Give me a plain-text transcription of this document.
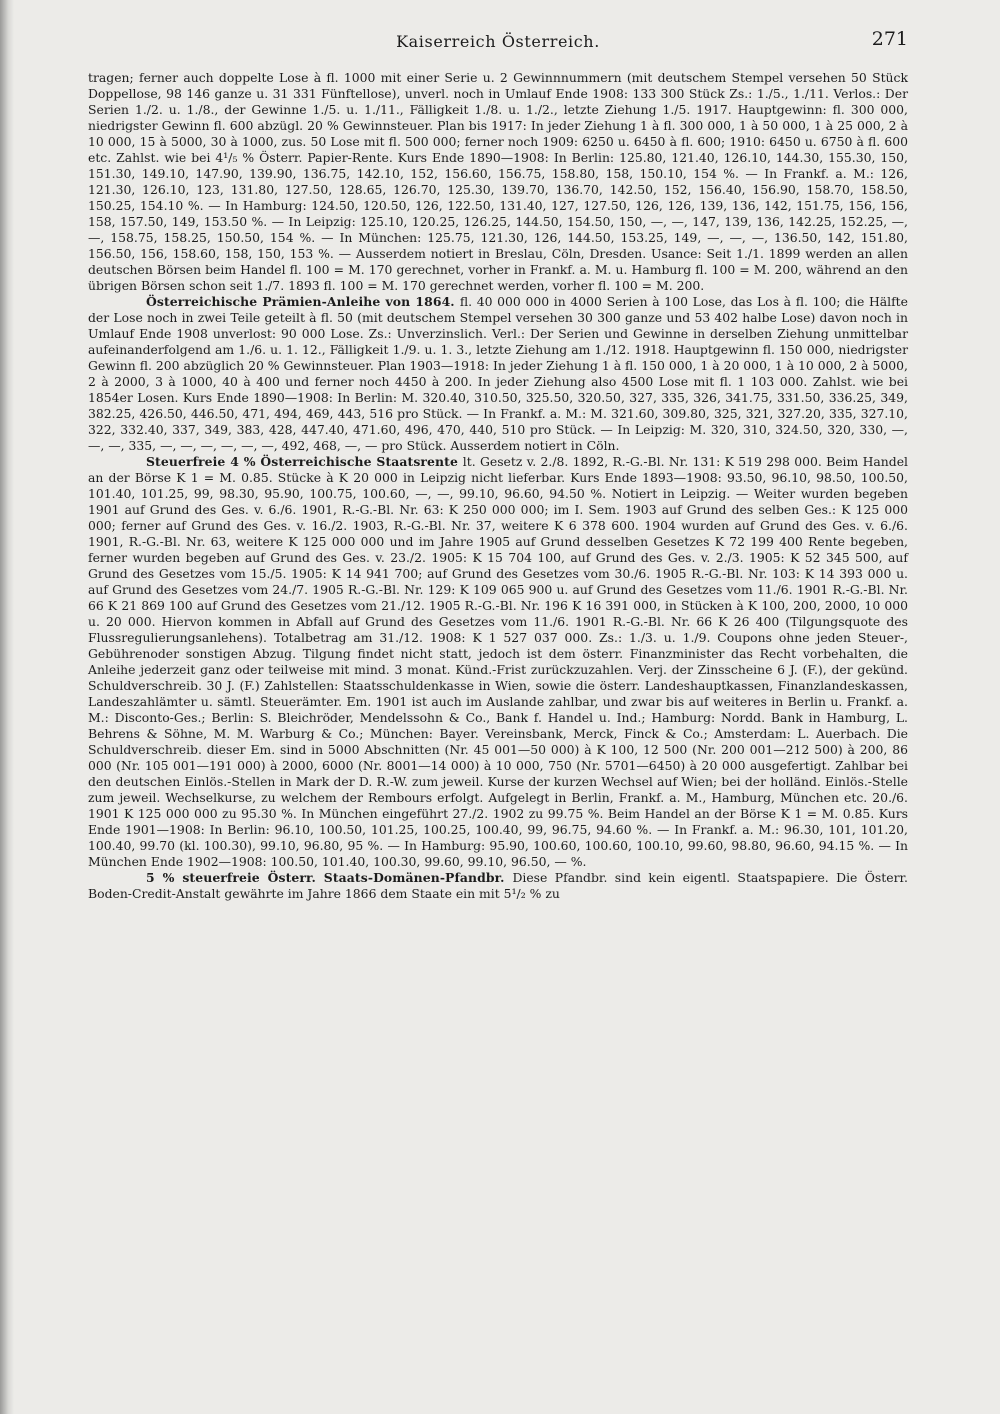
Kaiserreich Österreich.	271

tragen; ferner auch doppelte Lose à fl. 1000 mit einer Serie u. 2 Gewinnnummern (mit deutschem Stempel versehen 50 Stück Doppellose, 98 146 ganze u. 31 331 Fünftellose), unverl. noch in Umlauf Ende 1908: 133 300 Stück Zs.: 1./5., 1./11. Verlos.: Der Serien 1./2. u. 1./8., der Gewinne 1./5. u. 1./11., Fälligkeit 1./8. u. 1./2., letzte Ziehung 1./5. 1917. Hauptgewinn: fl. 300 000, niedrigster Gewinn fl. 600 abzügl. 20 % Gewinnsteuer. Plan bis 1917: In jeder Ziehung 1 à fl. 300 000, 1 à 50 000, 1 à 25 000, 2 à 10 000, 15 à 5000, 30 à 1000, zus. 50 Lose mit fl. 500 000; ferner noch 1909: 6250 u. 6450 à fl. 600; 1910: 6450 u. 6750 à fl. 600 etc. Zahlst. wie bei 4¹/₅ % Österr. Papier-Rente. Kurs Ende 1890—1908: In Berlin: 125.80, 121.40, 126.10, 144.30, 155.30, 150, 151.30, 149.10, 147.90, 139.90, 136.75, 142.10, 152, 156.60, 156.75, 158.80, 158, 150.10, 154 %. — In Frankf. a. M.: 126, 121.30, 126.10, 123, 131.80, 127.50, 128.65, 126.70, 125.30, 139.70, 136.70, 142.50, 152, 156.40, 156.90, 158.70, 158.50, 150.25, 154.10 %. — In Hamburg: 124.50, 120.50, 126, 122.50, 131.40, 127, 127.50, 126, 126, 139, 136, 142, 151.75, 156, 156, 158, 157.50, 149, 153.50 %. — In Leipzig: 125.10, 120.25, 126.25, 144.50, 154.50, 150, —, —, 147, 139, 136, 142.25, 152.25, —, —, 158.75, 158.25, 150.50, 154 %. — In München: 125.75, 121.30, 126, 144.50, 153.25, 149, —, —, —, 136.50, 142, 151.80, 156.50, 156, 158.60, 158, 150, 153 %. — Ausserdem notiert in Breslau, Cöln, Dresden. Usance: Seit 1./1. 1899 werden an allen deutschen Börsen beim Handel fl. 100 = M. 170 gerechnet, vorher in Frankf. a. M. u. Hamburg fl. 100 = M. 200, während an den übrigen Börsen schon seit 1./7. 1893 fl. 100 = M. 170 gerechnet werden, vorher fl. 100 = M. 200.

Österreichische Prämien-Anleihe von 1864. fl. 40 000 000 in 4000 Serien à 100 Lose, das Los à fl. 100; die Hälfte der Lose noch in zwei Teile geteilt à fl. 50 (mit deutschem Stempel versehen 30 300 ganze und 53 402 halbe Lose) davon noch in Umlauf Ende 1908 unverlost: 90 000 Lose. Zs.: Unverzinslich. Verl.: Der Serien und Gewinne in derselben Ziehung unmittelbar aufeinanderfolgend am 1./6. u. 1. 12., Fälligkeit 1./9. u. 1. 3., letzte Ziehung am 1./12. 1918. Hauptgewinn fl. 150 000, niedrigster Gewinn fl. 200 abzüglich 20 % Gewinnsteuer. Plan 1903—1918: In jeder Ziehung 1 à fl. 150 000, 1 à 20 000, 1 à 10 000, 2 à 5000, 2 à 2000, 3 à 1000, 40 à 400 und ferner noch 4450 à 200. In jeder Ziehung also 4500 Lose mit fl. 1 103 000. Zahlst. wie bei 1854er Losen. Kurs Ende 1890—1908: In Berlin: M. 320.40, 310.50, 325.50, 320.50, 327, 335, 326, 341.75, 331.50, 336.25, 349, 382.25, 426.50, 446.50, 471, 494, 469, 443, 516 pro Stück. — In Frankf. a. M.: M. 321.60, 309.80, 325, 321, 327.20, 335, 327.10, 322, 332.40, 337, 349, 383, 428, 447.40, 471.60, 496, 470, 440, 510 pro Stück. — In Leipzig: M. 320, 310, 324.50, 320, 330, —, —, —, 335, —, —, —, —, —, —, 492, 468, —, — pro Stück. Ausserdem notiert in Cöln.

Steuerfreie 4 % Österreichische Staatsrente lt. Gesetz v. 2./8. 1892, R.-G.-Bl. Nr. 131: K 519 298 000. Beim Handel an der Börse K 1 = M. 0.85. Stücke à K 20 000 in Leipzig nicht lieferbar. Kurs Ende 1893—1908: 93.50, 96.10, 98.50, 100.50, 101.40, 101.25, 99, 98.30, 95.90, 100.75, 100.60, —, —, 99.10, 96.60, 94.50 %. Notiert in Leipzig. — Weiter wurden begeben 1901 auf Grund des Ges. v. 6./6. 1901, R.-G.-Bl. Nr. 63: K 250 000 000; im I. Sem. 1903 auf Grund des selben Ges.: K 125 000 000; ferner auf Grund des Ges. v. 16./2. 1903, R.-G.-Bl. Nr. 37, weitere K 6 378 600. 1904 wurden auf Grund des Ges. v. 6./6. 1901, R.-G.-Bl. Nr. 63, weitere K 125 000 000 und im Jahre 1905 auf Grund desselben Gesetzes K 72 199 400 Rente begeben, ferner wurden begeben auf Grund des Ges. v. 23./2. 1905: K 15 704 100, auf Grund des Ges. v. 2./3. 1905: K 52 345 500, auf Grund des Gesetzes vom 15./5. 1905: K 14 941 700; auf Grund des Gesetzes vom 30./6. 1905 R.-G.-Bl. Nr. 103: K 14 393 000 u. auf Grund des Gesetzes vom 24./7. 1905 R.-G.-Bl. Nr. 129: K 109 065 900 u. auf Grund des Gesetzes vom 11./6. 1901 R.-G.-Bl. Nr. 66 K 21 869 100 auf Grund des Gesetzes vom 21./12. 1905 R.-G.-Bl. Nr. 196 K 16 391 000, in Stücken à K 100, 200, 2000, 10 000 u. 20 000. Hiervon kommen in Abfall auf Grund des Gesetzes vom 11./6. 1901 R.-G.-Bl. Nr. 66 K 26 400 (Tilgungsquote des Flussregulierungsanlehens). Totalbetrag am 31./12. 1908: K 1 527 037 000. Zs.: 1./3. u. 1./9. Coupons ohne jeden Steuer-, Gebührenoder sonstigen Abzug. Tilgung findet nicht statt, jedoch ist dem österr. Finanzminister das Recht vorbehalten, die Anleihe jederzeit ganz oder teilweise mit mind. 3 monat. Künd.-Frist zurückzuzahlen. Verj. der Zinsscheine 6 J. (F.), der gekünd. Schuldverschreib. 30 J. (F.) Zahlstellen: Staatsschuldenkasse in Wien, sowie die österr. Landeshauptkassen, Finanzlandeskassen, Landeszahlämter u. sämtl. Steuerämter. Em. 1901 ist auch im Auslande zahlbar, und zwar bis auf weiteres in Berlin u. Frankf. a. M.: Disconto-Ges.; Berlin: S. Bleichröder, Mendelssohn & Co., Bank f. Handel u. Ind.; Hamburg: Nordd. Bank in Hamburg, L. Behrens & Söhne, M. M. Warburg & Co.; München: Bayer. Vereinsbank, Merck, Finck & Co.; Amsterdam: L. Auerbach. Die Schuldverschreib. dieser Em. sind in 5000 Abschnitten (Nr. 45 001—50 000) à K 100, 12 500 (Nr. 200 001—212 500) à 200, 86 000 (Nr. 105 001—191 000) à 2000, 6000 (Nr. 8001—14 000) à 10 000, 750 (Nr. 5701—6450) à 20 000 ausgefertigt. Zahlbar bei den deutschen Einlös.-Stellen in Mark der D. R.-W. zum jeweil. Kurse der kurzen Wechsel auf Wien; bei der holländ. Einlös.-Stelle zum jeweil. Wechselkurse, zu welchem der Rembours erfolgt. Aufgelegt in Berlin, Frankf. a. M., Hamburg, München etc. 20./6. 1901 K 125 000 000 zu 95.30 %. In München eingeführt 27./2. 1902 zu 99.75 %. Beim Handel an der Börse K 1 = M. 0.85. Kurs Ende 1901—1908: In Berlin: 96.10, 100.50, 101.25, 100.25, 100.40, 99, 96.75, 94.60 %. — In Frankf. a. M.: 96.30, 101, 101.20, 100.40, 99.70 (kl. 100.30), 99.10, 96.80, 95 %. — In Hamburg: 95.90, 100.60, 100.60, 100.10, 99.60, 98.80, 96.60, 94.15 %. — In München Ende 1902—1908: 100.50, 101.40, 100.30, 99.60, 99.10, 96.50, — %.

5 % steuerfreie Österr. Staats-Domänen-Pfandbr. Diese Pfandbr. sind kein eigentl. Staatspapiere. Die Österr. Boden-Credit-Anstalt gewährte im Jahre 1866 dem Staate ein mit 5¹/₂ % zu
